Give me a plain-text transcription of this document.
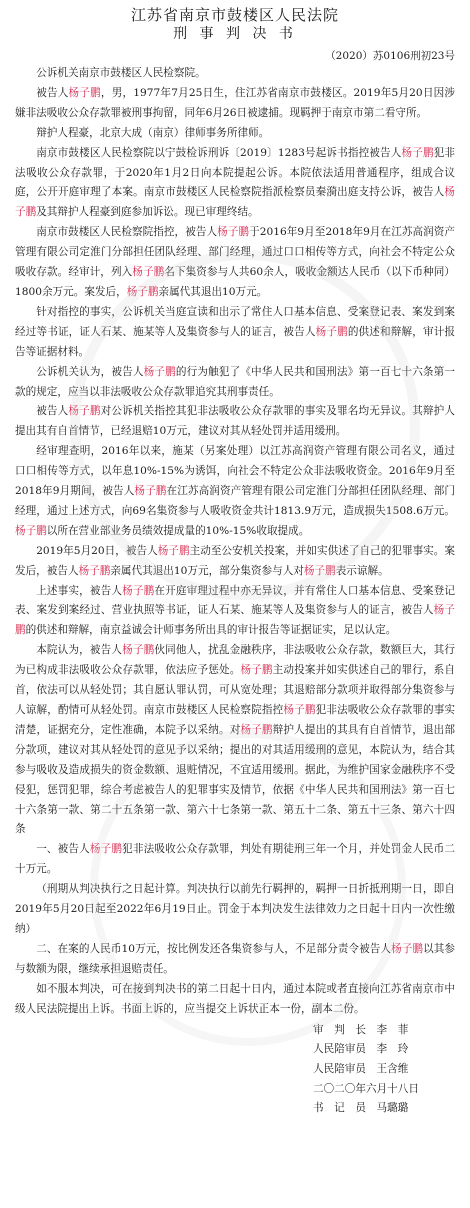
江苏省南京市鼓楼区人民法院
刑 事 判 决 书
（2020）苏0106刑初23号

公诉机关南京市鼓楼区人民检察院。

被告人杨子鹏，男，1977年7月25日生，住江苏省南京市鼓楼区。2019年5月20日因涉嫌非法吸收公众存款罪被刑事拘留，同年6月26日被逮捕。现羁押于南京市第二看守所。

辩护人程豪，北京大成（南京）律师事务所律师。

南京市鼓楼区人民检察院以宁鼓检诉刑诉〔2019〕1283号起诉书指控被告人杨子鹏犯非法吸收公众存款罪，于2020年1月2日向本院提起公诉。本院依法适用普通程序，组成合议庭，公开开庭审理了本案。南京市鼓楼区人民检察院指派检察员秦漪出庭支持公诉，被告人杨子鹏及其辩护人程豪到庭参加诉讼。现已审理终结。

南京市鼓楼区人民检察院指控，被告人杨子鹏于2016年9月至2018年9月在江苏高润资产管理有限公司定淮门分部担任团队经理、部门经理，通过口口相传等方式，向社会不特定公众吸收存款。经审计，列入杨子鹏名下集资参与人共60余人，吸收金额达人民币（以下币种同）1800余万元。案发后，杨子鹏亲属代其退出10万元。

针对指控的事实，公诉机关当庭宣读和出示了常住人口基本信息、受案登记表、案发到案经过等书证，证人石某、施某等人及集资参与人的证言，被告人杨子鹏的供述和辩解，审计报告等证据材料。

公诉机关认为，被告人杨子鹏的行为触犯了《中华人民共和国刑法》第一百七十六条第一款的规定，应当以非法吸收公众存款罪追究其刑事责任。

被告人杨子鹏对公诉机关指控其犯非法吸收公众存款罪的事实及罪名均无异议。其辩护人提出其有自首情节，已经退赔10万元，建议对其从轻处罚并适用缓刑。

经审理查明，2016年以来，施某（另案处理）以江苏高润资产管理有限公司名义，通过口口相传等方式，以年息10%-15%为诱饵，向社会不特定公众非法吸收资金。2016年9月至2018年9月期间，被告人杨子鹏在江苏高润资产管理有限公司定淮门分部担任团队经理、部门经理，通过上述方式，向69名集资参与人吸收资金共计1813.9万元，造成损失1508.6万元。杨子鹏以所在营业部业务员绩效提成量的10%-15%收取提成。

2019年5月20日，被告人杨子鹏主动至公安机关投案，并如实供述了自己的犯罪事实。案发后，被告人杨子鹏亲属代其退出10万元，部分集资参与人对杨子鹏表示谅解。

上述事实，被告人杨子鹏在开庭审理过程中亦无异议，并有常住人口基本信息、受案登记表、案发到案经过、营业执照等书证，证人石某、施某等人及集资参与人的证言，被告人杨子鹏的供述和辩解，南京益诚会计师事务所出具的审计报告等证据证实，足以认定。

本院认为，被告人杨子鹏伙同他人，扰乱金融秩序，非法吸收公众存款，数额巨大，其行为已构成非法吸收公众存款罪，依法应予惩处。杨子鹏主动投案并如实供述自己的罪行，系自首，依法可以从轻处罚；其自愿认罪认罚，可从宽处理；其退赔部分款项并取得部分集资参与人谅解，酌情可从轻处罚。南京市鼓楼区人民检察院指控杨子鹏犯非法吸收公众存款罪的事实清楚，证据充分，定性准确，本院予以采纳。对杨子鹏辩护人提出的其具有自首情节，退出部分款项，建议对其从轻处罚的意见予以采纳；提出的对其适用缓刑的意见，本院认为，结合其参与吸收及造成损失的资金数额、退赃情况，不宜适用缓刑。据此，为维护国家金融秩序不受侵犯，惩罚犯罪，综合考虑被告人的犯罪事实及情节，依据《中华人民共和国刑法》第一百七十六条第一款、第二十五条第一款、第六十七条第一款、第五十二条、第五十三条、第六十四条

一、被告人杨子鹏犯非法吸收公众存款罪，判处有期徒刑三年一个月，并处罚金人民币二十万元。

（刑期从判决执行之日起计算。判决执行以前先行羁押的，羁押一日折抵刑期一日，即自2019年5月20日起至2022年6月19日止。罚金于本判决发生法律效力之日起十日内一次性缴纳）

二、在案的人民币10万元，按比例发还各集资参与人，不足部分责令被告人杨子鹏以其参与数额为限，继续承担退赔责任。

如不服本判决，可在接到判决书的第二日起十日内，通过本院或者直接向江苏省南京市中级人民法院提出上诉。书面上诉的，应当提交上诉状正本一份，副本二份。

审　判　长　李　菲
人民陪审员　李　玲
人民陪审员　王含维
二〇二〇年六月十八日
书　记　员　马璐璐
